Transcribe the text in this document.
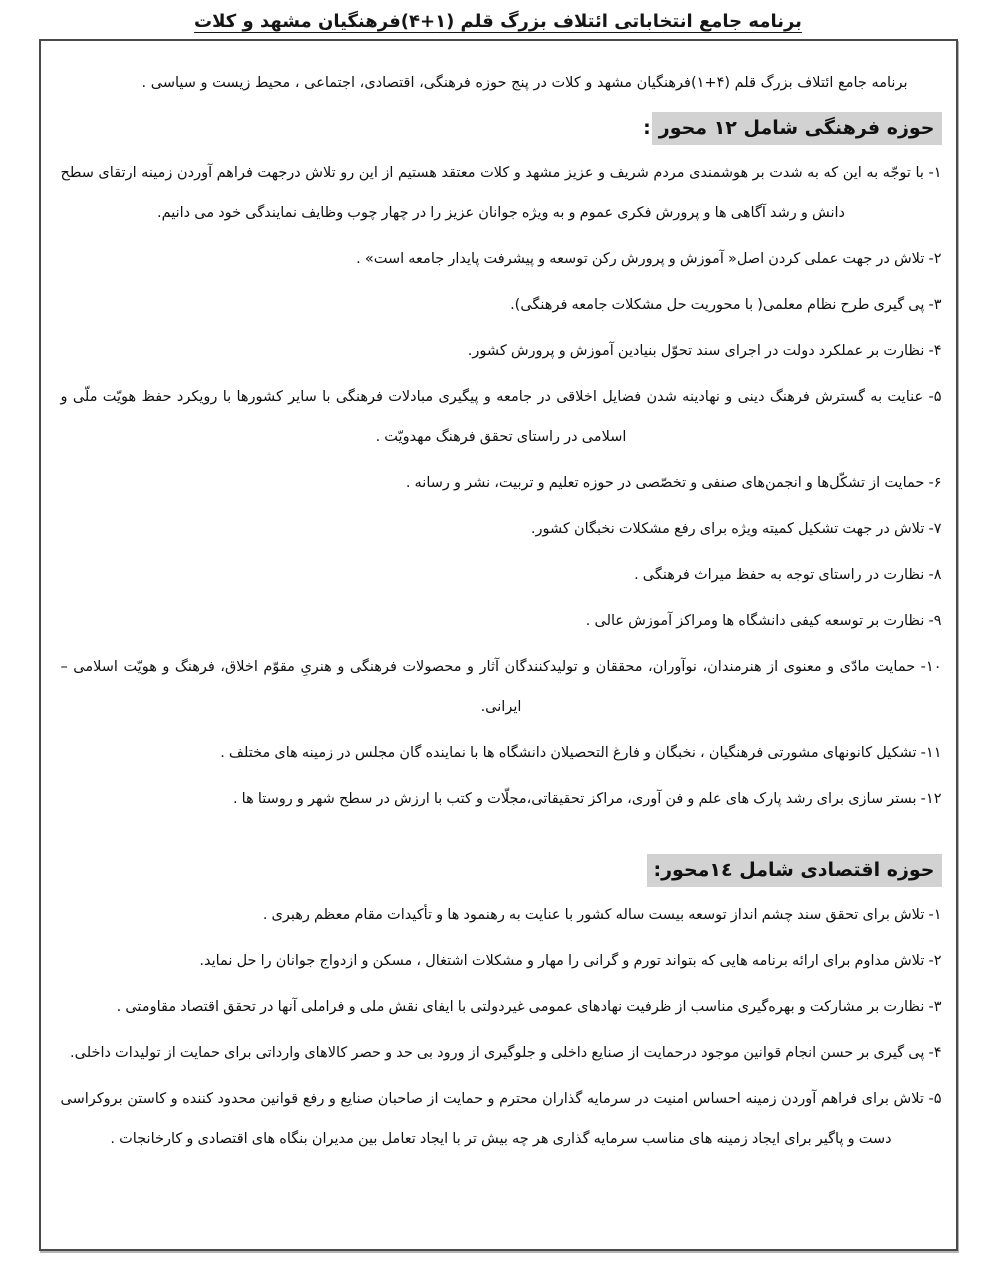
برنامه جامع انتخاباتی ائتلاف بزرگ قلم (۱+۴)فرهنگیان مشهد و کلات

برنامه جامع ائتلاف بزرگ قلم (۴+۱)فرهنگیان مشهد و کلات در پنج حوزه فرهنگی، اقتصادی، اجتماعی ، محیط زیست و سیاسی .

حوزه فرهنگی شامل ۱۲ محور:

۱- با توجّه به این که به شدت بر هوشمندی مردم شریف و عزیز مشهد و کلات معتقد هستیم از این رو تلاش درجهت فراهم آوردن زمینه ارتقای سطح دانش و رشد آگاهی ها و پرورش فکری عموم و به ویژه جوانان عزیز را در چهار چوب وظایف نمایندگی خود می دانیم.

۲- تلاش در جهت عملی کردن اصل« آموزش و پرورش رکن توسعه و پیشرفت پایدار جامعه است» .

۳- پی گیری طرح نظام معلمی( با محوریت حل مشکلات جامعه فرهنگی).

۴- نظارت بر عملکرد دولت در اجرای سند تحوّل بنیادین آموزش و پرورش کشور.

۵- عنایت به گسترش فرهنگ دینی و نهادینه شدن فضایل اخلاقی در جامعه و پیگیری مبادلات فرهنگی با سایر کشورها با رویکرد حفظ هویّت ملّی و اسلامی در راستای تحقق فرهنگ مهدویّت .

۶- حمایت از تشکّل‌ها و انجمن‌های صنفی و تخصّصی در حوزه تعلیم و تربیت، نشر و رسانه .

۷- تلاش در جهت تشکیل کمیته ویژه برای رفع مشکلات نخبگان کشور.

۸- نظارت در راستای توجه به حفظ میراث فرهنگی .

۹- نظارت بر توسعه کیفی دانشگاه ها ومراکز آموزش عالی .

۱۰- حمایت مادّی و معنوی از هنرمندان، نوآوران، محققان و تولیدکنندگان آثار و محصولات فرهنگی و هنریِ مقوّم اخلاق، فرهنگ و هویّت اسلامی – ایرانی.

۱۱- تشکیل کانونهای مشورتی فرهنگیان ، نخبگان و فارغ التحصیلان دانشگاه ها با نماینده گان مجلس در زمینه های مختلف .

۱۲- بستر سازی برای رشد پارک های علم و فن آوری، مراکز تحقیقاتی،مجلّات و کتب با ارزش در سطح شهر و روستا ها .

حوزه اقتصادی شامل ١٤محور:

۱- تلاش برای تحقق سند چشم انداز توسعه بیست ساله کشور با عنایت به رهنمود ها و تأکیدات مقام معظم رهبری .

۲- تلاش مداوم برای ارائه برنامه هایی که بتواند تورم و گرانی را مهار و مشکلات اشتغال ، مسکن و ازدواج جوانان را حل نماید.

۳- نظارت بر مشارکت و بهره‌گیری مناسب از ظرفیت نهادهای عمومی غیردولتی با ایفای نقش ملی و فراملی آنها در تحقق اقتصاد مقاومتی .

۴- پی گیری بر حسن انجام قوانین موجود درحمایت از صنایع داخلی و جلوگیری از ورود بی حد و حصر کالاهای وارداتی برای حمایت از تولیدات داخلی.

۵- تلاش برای فراهم آوردن زمینه احساس امنیت در سرمایه گذاران محترم و حمایت از صاحبان صنایع و رفع قوانین محدود کننده و کاستن بروکراسی دست و پاگیر برای ایجاد زمینه های مناسب سرمایه گذاری هر چه بیش تر با ایجاد تعامل بین مدیران بنگاه های اقتصادی و کارخانجات .
